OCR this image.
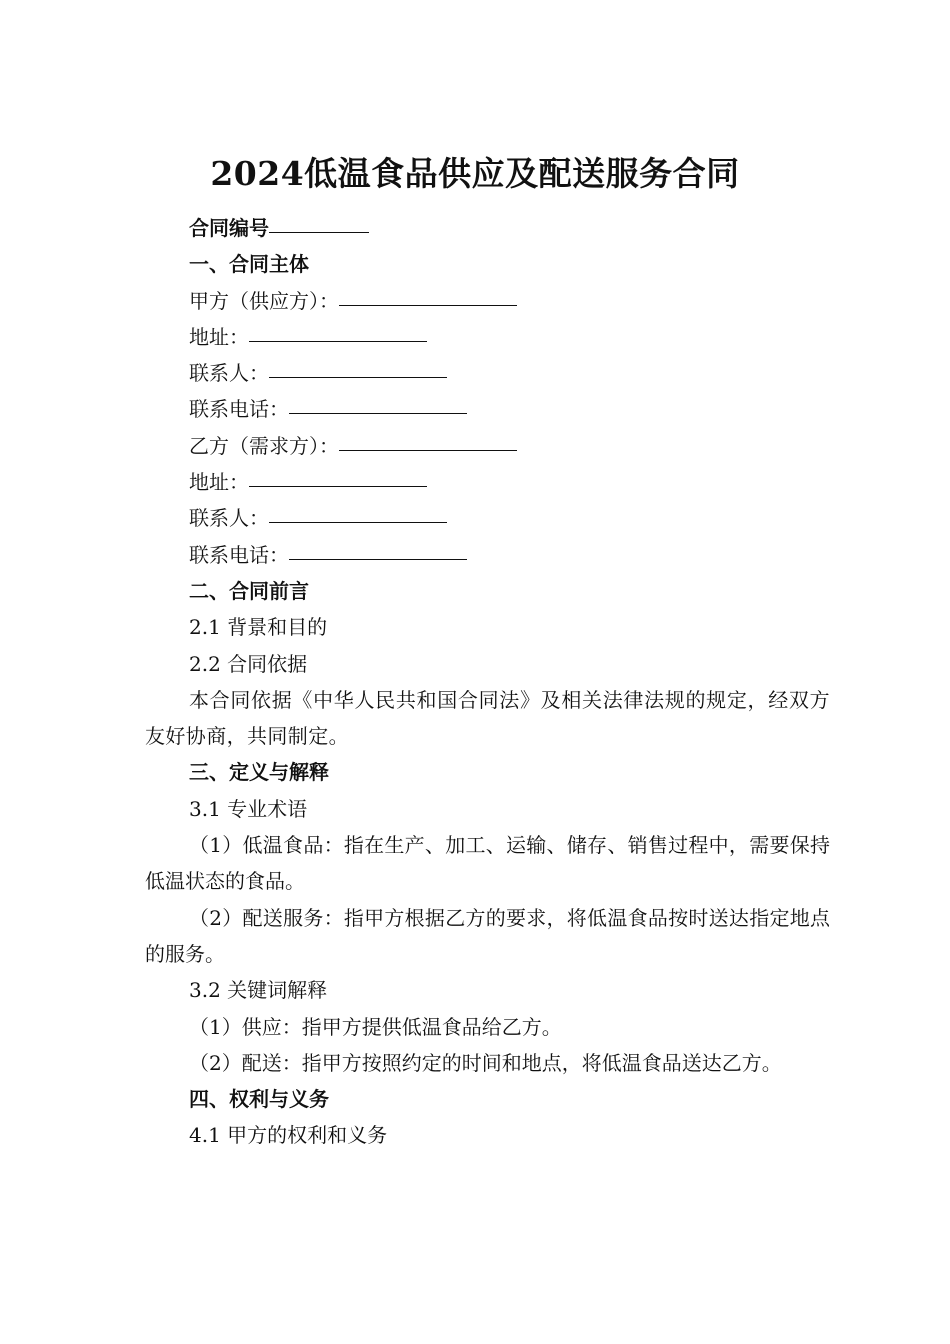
2024低温食品供应及配送服务合同

合同编号

一、合同主体

甲方（供应方）：

地址：

联系人：

联系电话：

乙方（需求方）：

地址：

联系人：

联系电话：

二、合同前言

2.1 背景和目的

2.2 合同依据

本合同依据《中华人民共和国合同法》及相关法律法规的规定，经双方友好协商，共同制定。

三、定义与解释

3.1 专业术语

（1）低温食品：指在生产、加工、运输、储存、销售过程中，需要保持低温状态的食品。

（2）配送服务：指甲方根据乙方的要求，将低温食品按时送达指定地点的服务。

3.2 关键词解释

（1）供应：指甲方提供低温食品给乙方。

（2）配送：指甲方按照约定的时间和地点，将低温食品送达乙方。

四、权利与义务

4.1 甲方的权利和义务
